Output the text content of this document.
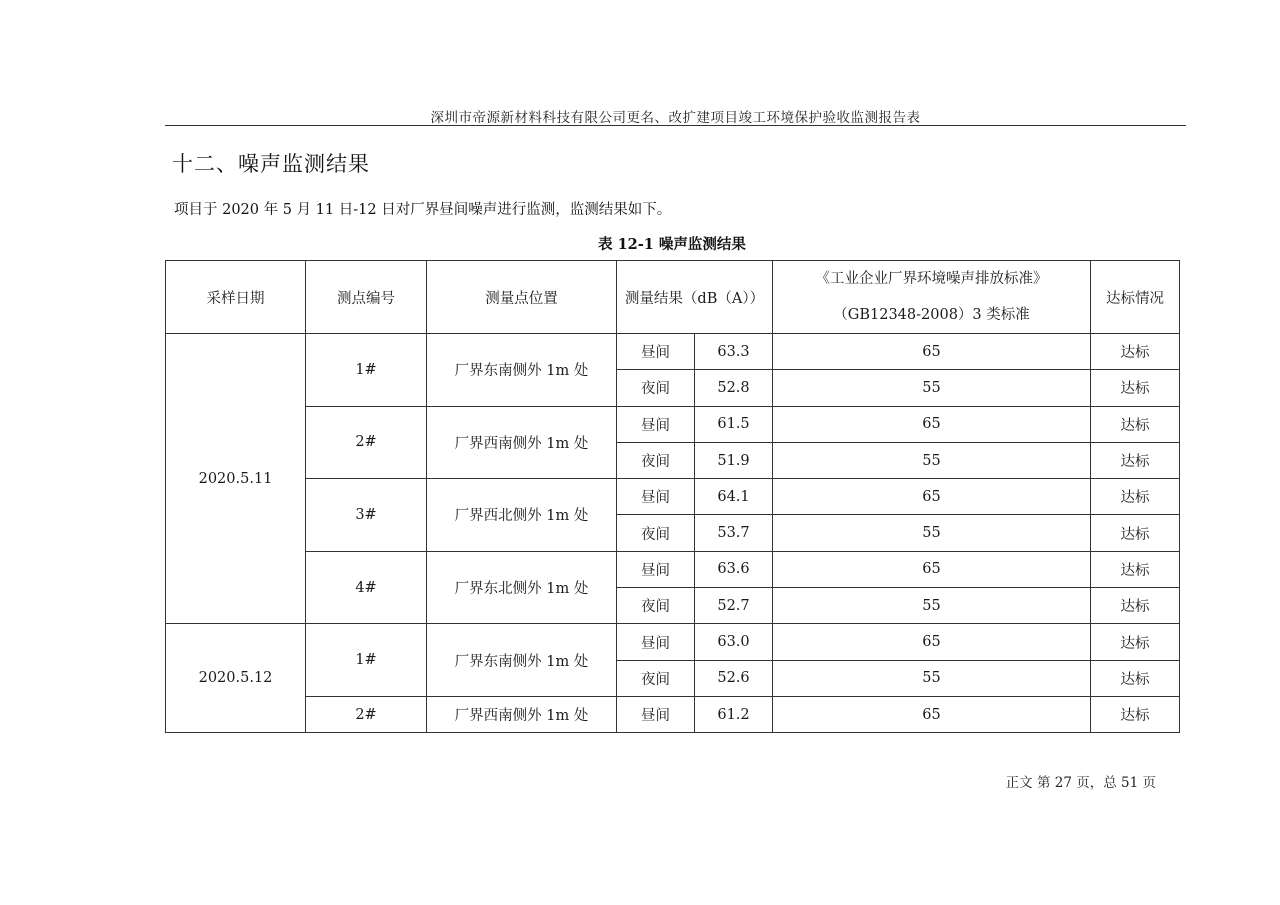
深圳市帝源新材料科技有限公司更名、改扩建项目竣工环境保护验收监测报告表
十二、噪声监测结果
项目于 2020 年 5 月 11 日-12 日对厂界昼间噪声进行监测，监测结果如下。
表 12-1 噪声监测结果
采样日期	测点编号	测量点位置	测量结果（dB（A））		《工业企业厂界环境噪声排放标准》
（GB12348-2008）3 类标准	达标情况
2020.5.11	1#	厂界东南侧外 1m 处	昼间	63.3	65	达标
			夜间	52.8	55	达标
	2#	厂界西南侧外 1m 处	昼间	61.5	65	达标
			夜间	51.9	55	达标
	3#	厂界西北侧外 1m 处	昼间	64.1	65	达标
			夜间	53.7	55	达标
	4#	厂界东北侧外 1m 处	昼间	63.6	65	达标
			夜间	52.7	55	达标
2020.5.12	1#	厂界东南侧外 1m 处	昼间	63.0	65	达标
			夜间	52.6	55	达标
	2#	厂界西南侧外 1m 处	昼间	61.2	65	达标
正文 第 27 页，总 51 页
